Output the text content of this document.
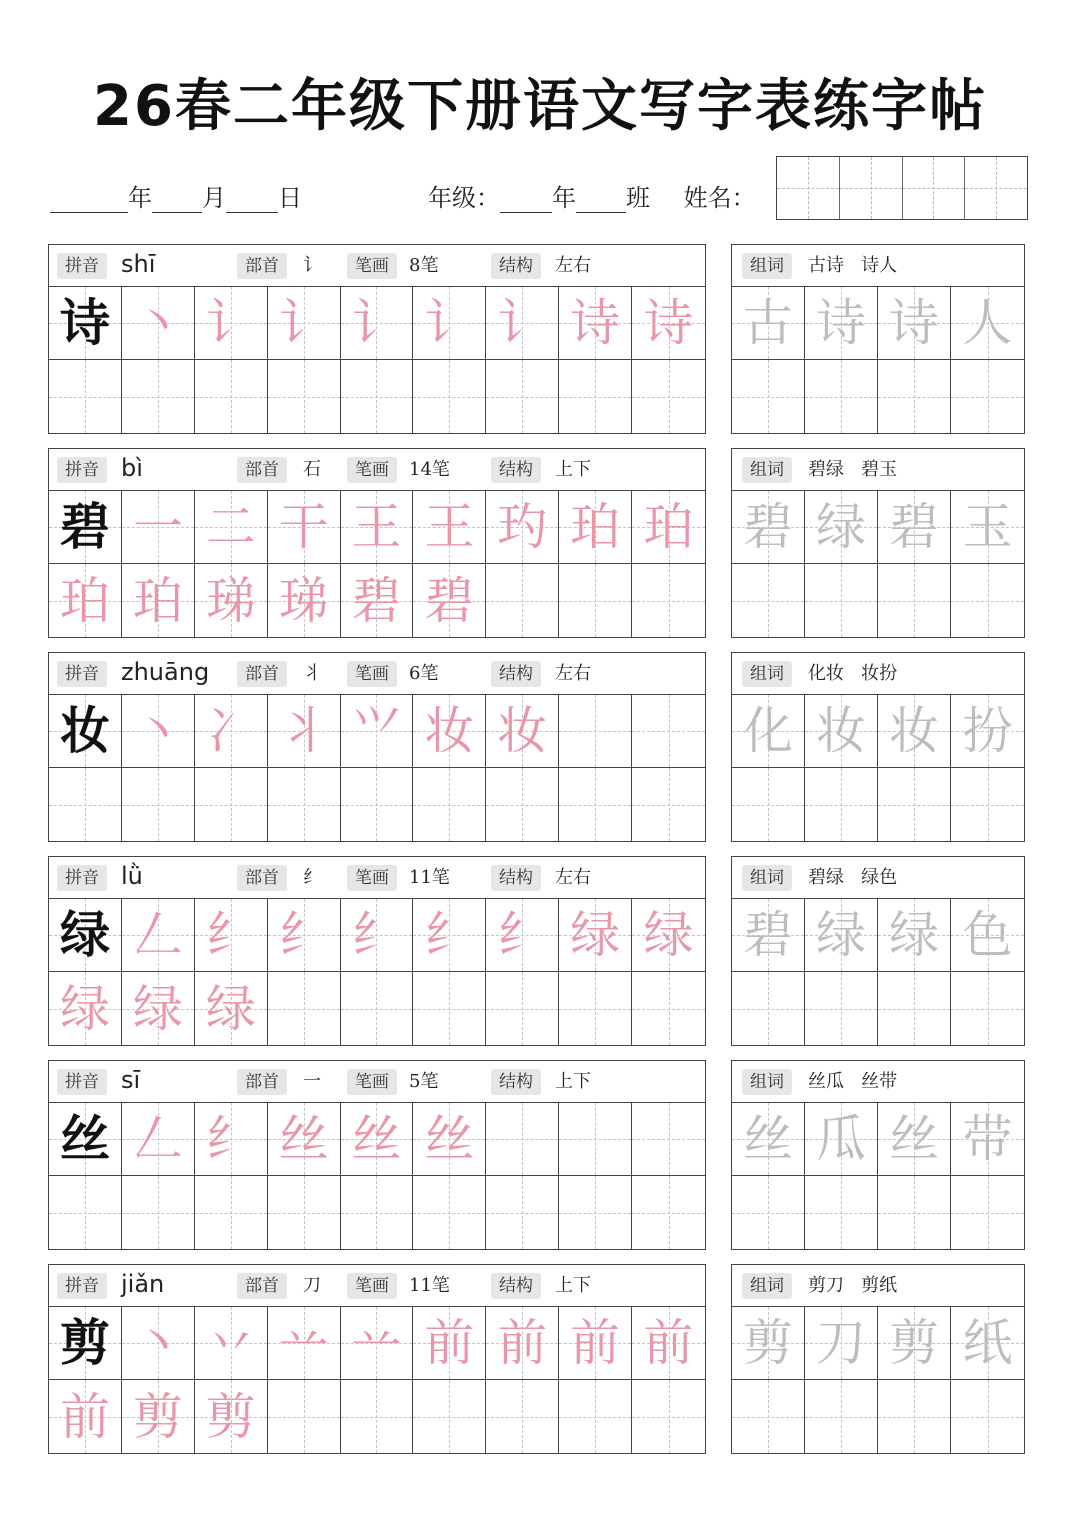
26春二年级下册语文写字表练字帖
年 月 日	年级： 年 班 姓名：
拼音 shī	部首	讠	笔画	8笔	结构	左右
诗 丶 讠 讠 讠 讠 讠 诗 诗
组词	古诗   诗人
古 诗 诗 人
拼音 bì	部首	石	笔画	14笔	结构	上下
碧 一 二 干 王 王 玓 珀 珀
珀 珀 珶 珶 碧 碧
组词	碧绿   碧玉
碧 绿 碧 玉
拼音 zhuāng	部首	丬	笔画	6笔	结构	左右
妆 丶 冫 丬 𭕄 妆 妆
组词	化妆   妆扮
化 妆 妆 扮
拼音 lǜ	部首	纟	笔画	11笔	结构	左右
绿 𠃋 纟 纟 纟 纟 纟 绿 绿
绿 绿 绿
组词	碧绿   绿色
碧 绿 绿 色
拼音 sī	部首	一	笔画	5笔	结构	上下
丝 𠃋 纟 丝 丝 丝
组词	丝瓜   丝带
丝 瓜 丝 带
拼音 jiǎn	部首	刀	笔画	11笔	结构	上下
剪 丶 丷 䒑 䒑 前 前 前 前
前 剪 剪
组词	剪刀   剪纸
剪 刀 剪 纸
